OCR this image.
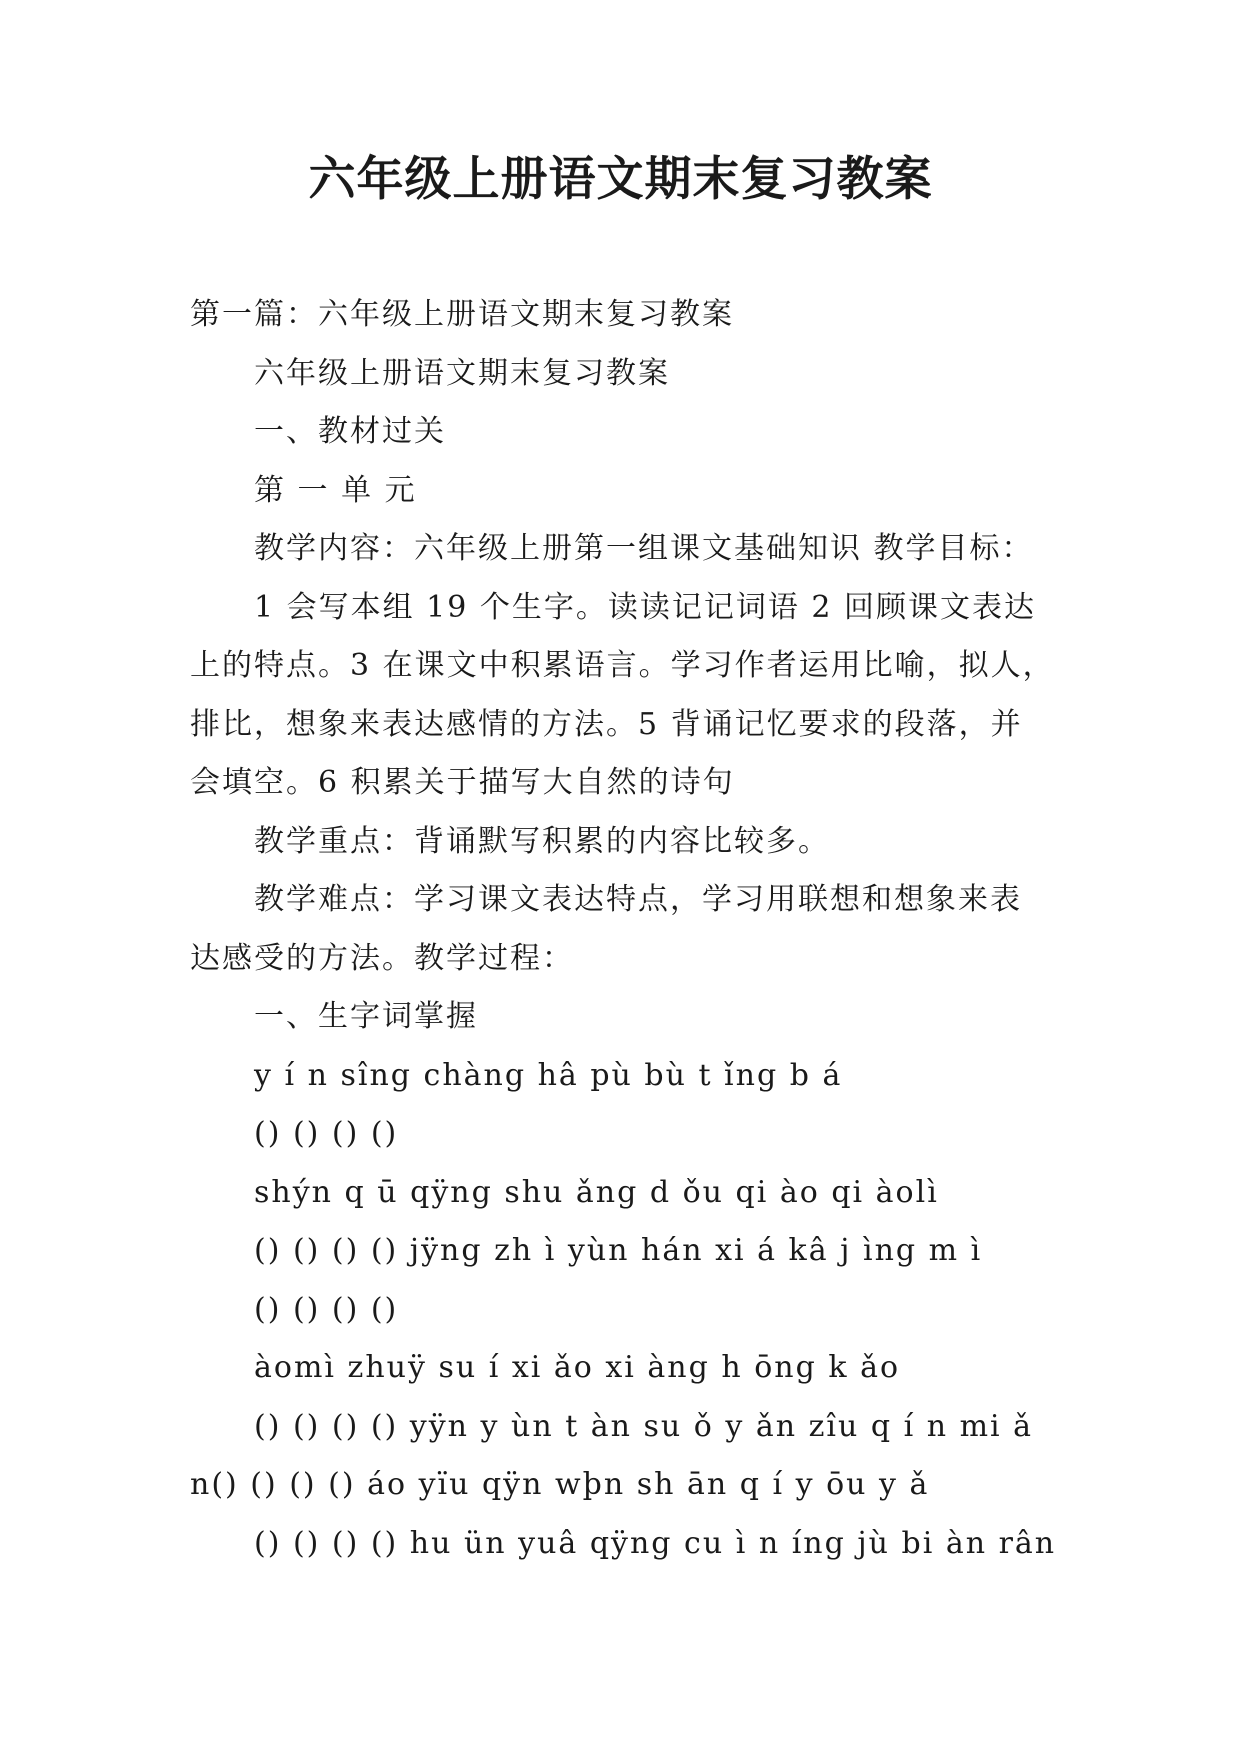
六年级上册语文期末复习教案
第一篇：六年级上册语文期末复习教案
六年级上册语文期末复习教案
一、教材过关
第 一 单 元
教学内容：六年级上册第一组课文基础知识 教学目标：
1 会写本组 19 个生字。读读记记词语 2 回顾课文表达
上的特点。3 在课文中积累语言。学习作者运用比喻，拟人，
排比，想象来表达感情的方法。5 背诵记忆要求的段落，并
会填空。6 积累关于描写大自然的诗句
教学重点：背诵默写积累的内容比较多。
教学难点：学习课文表达特点，学习用联想和想象来表
达感受的方法。教学过程：
一、生字词掌握
y í n sîng chàng hâ pù bù t ǐng b á
() () () ()
shýn q ū qÿng shu ǎng d ǒu qi ào qi àolì
() () () () jÿng zh ì yùn hán xi á kâ j ìng m ì
() () () ()
àomì zhuÿ su í xi ǎo xi àng h ōng k ǎo
() () () () yÿn y ùn t àn su ǒ y ǎn zîu q í n mi ǎ
n() () () () áo yïu qÿn wþn sh ān q í y ōu y ǎ
() () () () hu ün yuâ qÿng cu ì n íng jù bi àn rân
